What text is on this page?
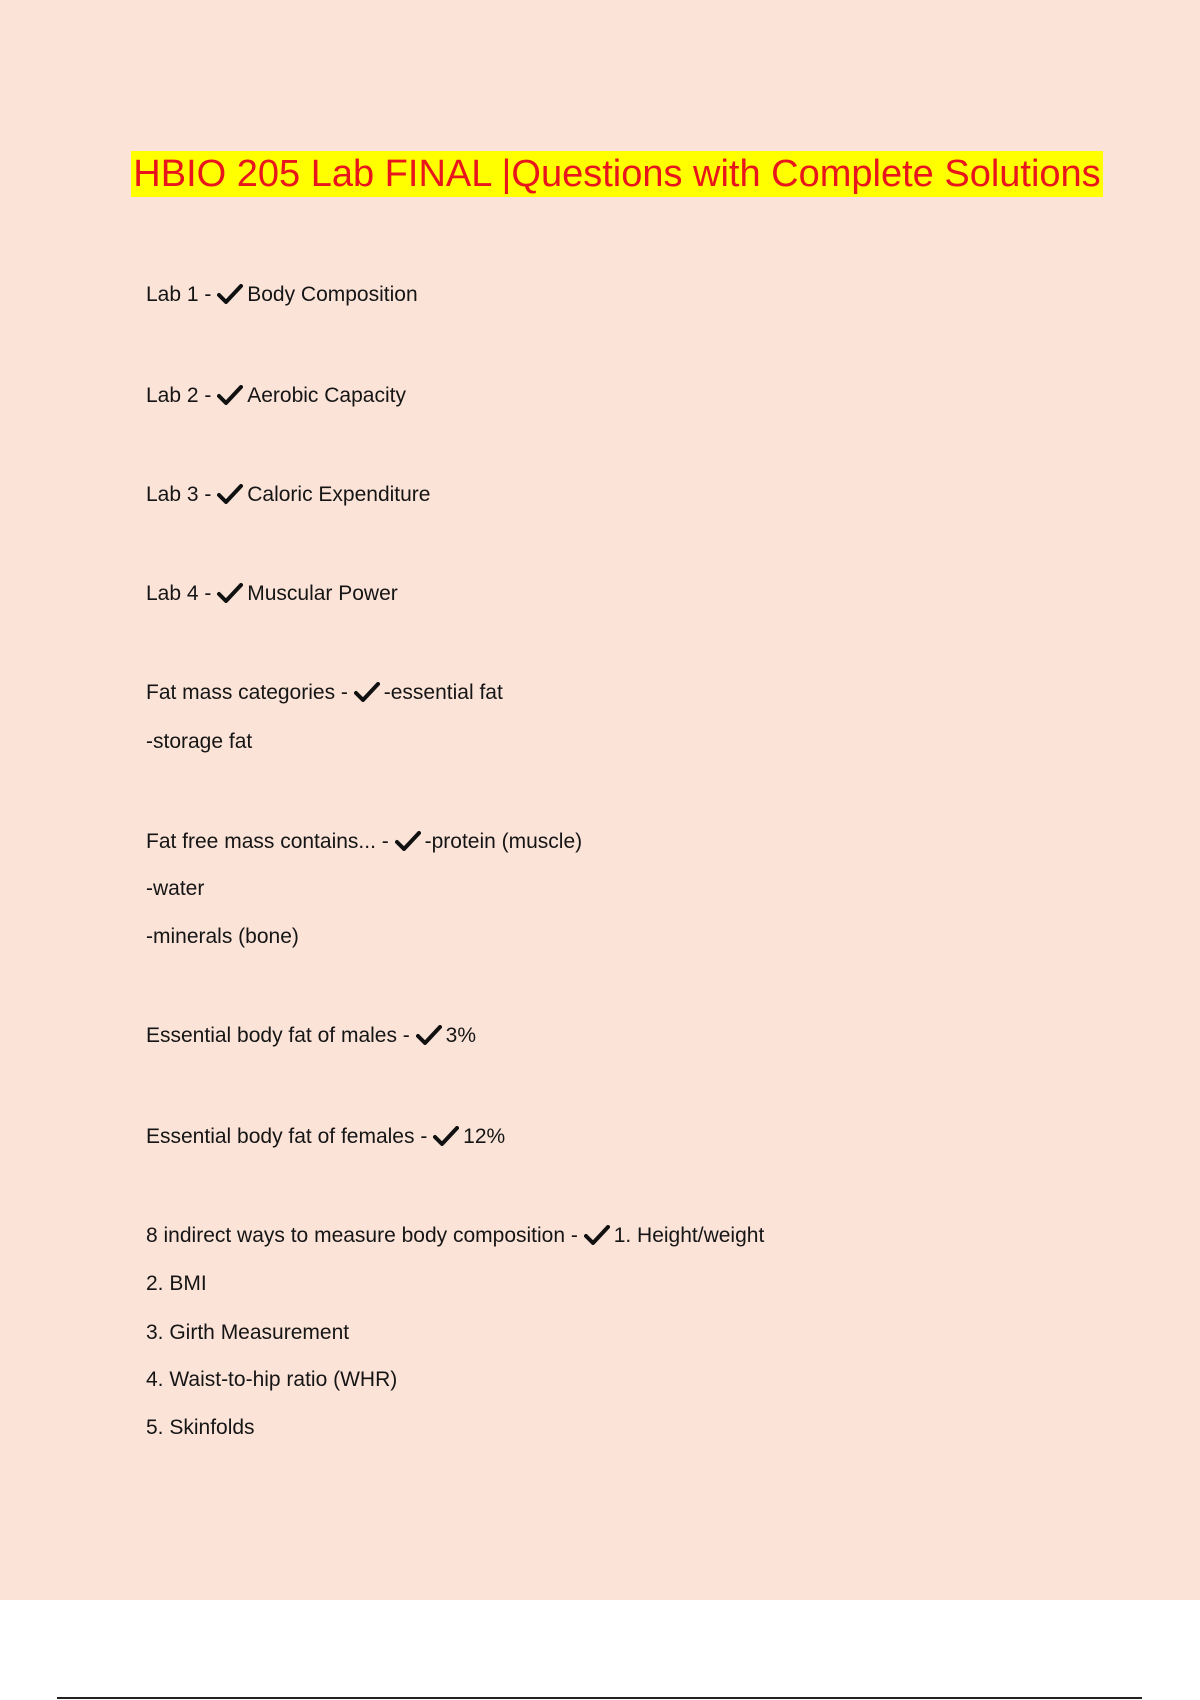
HBIO 205 Lab FINAL |Questions with Complete Solutions
Lab 1 -
Body Composition
Lab 2 -
Aerobic Capacity
Lab 3 -
Caloric Expenditure
Lab 4 -
Muscular Power
Fat mass categories -
-essential fat
-storage fat
Fat free mass contains... -
-protein (muscle)
-water
-minerals (bone)
Essential body fat of males -
3%
Essential body fat of females -
12%
8 indirect ways to measure body composition -
1. Height/weight
2. BMI
3. Girth Measurement
4. Waist-to-hip ratio (WHR)
5. Skinfolds
